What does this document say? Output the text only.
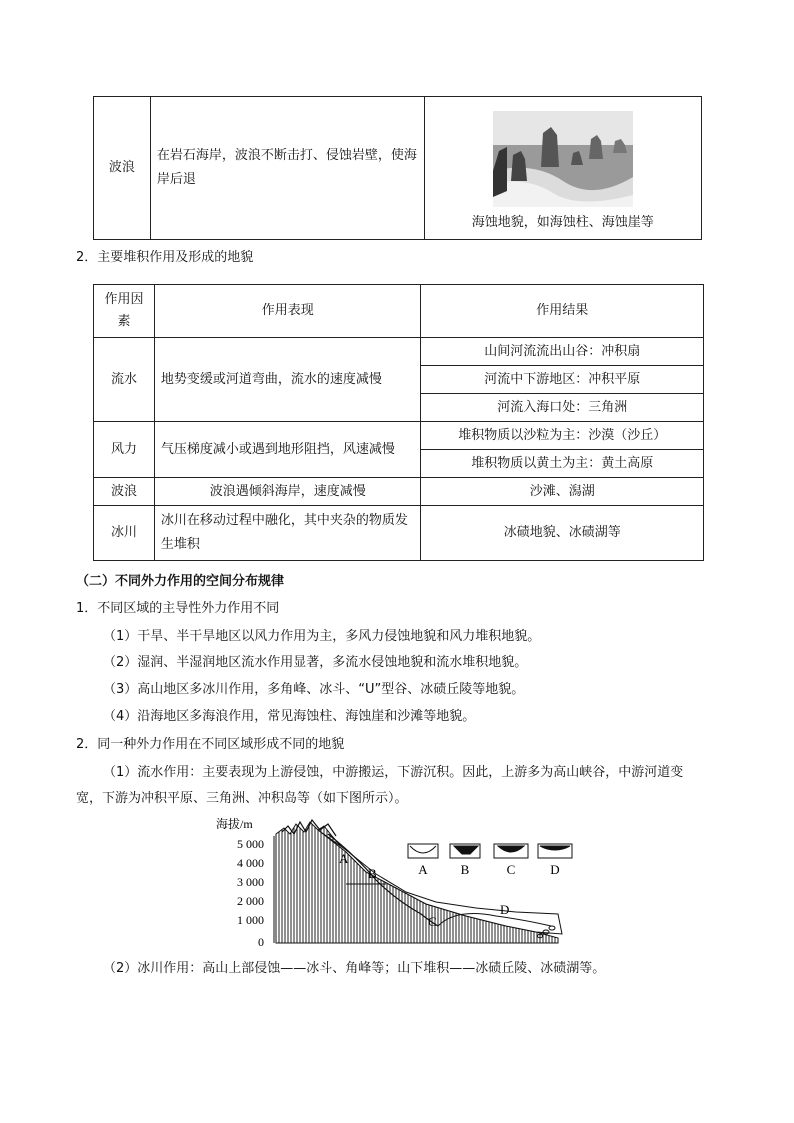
波浪	在岩石海岸，波浪不断击打、侵蚀岩壁，使海岸后退	
海蚀地貌，如海蚀柱、海蚀崖等
2．主要堆积作用及形成的地貌
作用因素	作用表现	作用结果
流水	地势变缓或河道弯曲，流水的速度减慢	山间河流流出山谷：冲积扇
		河流中下游地区：冲积平原
		河流入海口处：三角洲
风力	气压梯度减小或遇到地形阻挡，风速减慢	堆积物质以沙粒为主：沙漠（沙丘）
		堆积物质以黄土为主：黄土高原
波浪	波浪遇倾斜海岸，速度减慢	沙滩、潟湖
冰川	冰川在移动过程中融化，其中夹杂的物质发生堆积	冰碛地貌、冰碛湖等
（二）不同外力作用的空间分布规律
1．不同区域的主导性外力作用不同
（1）干旱、半干旱地区以风力作用为主，多风力侵蚀地貌和风力堆积地貌。
（2）湿润、半湿润地区流水作用显著，多流水侵蚀地貌和流水堆积地貌。
（3）高山地区多冰川作用，多角峰、冰斗、“U”型谷、冰碛丘陵等地貌。
（4）沿海地区多海浪作用，常见海蚀柱、海蚀崖和沙滩等地貌。
2．同一种外力作用在不同区域形成不同的地貌
（1）流水作用：主要表现为上游侵蚀，中游搬运，下游沉积。因此，上游多为高山峡谷，中游河道变
宽，下游为冲积平原、三角洲、冲积岛等（如下图所示）。
海拔/m
5 000
4 000
3 000
2 000
1 000
0
A
B
C
D
A	B	C	D
（2）冰川作用：高山上部侵蚀——冰斗、角峰等；山下堆积——冰碛丘陵、冰碛湖等。
